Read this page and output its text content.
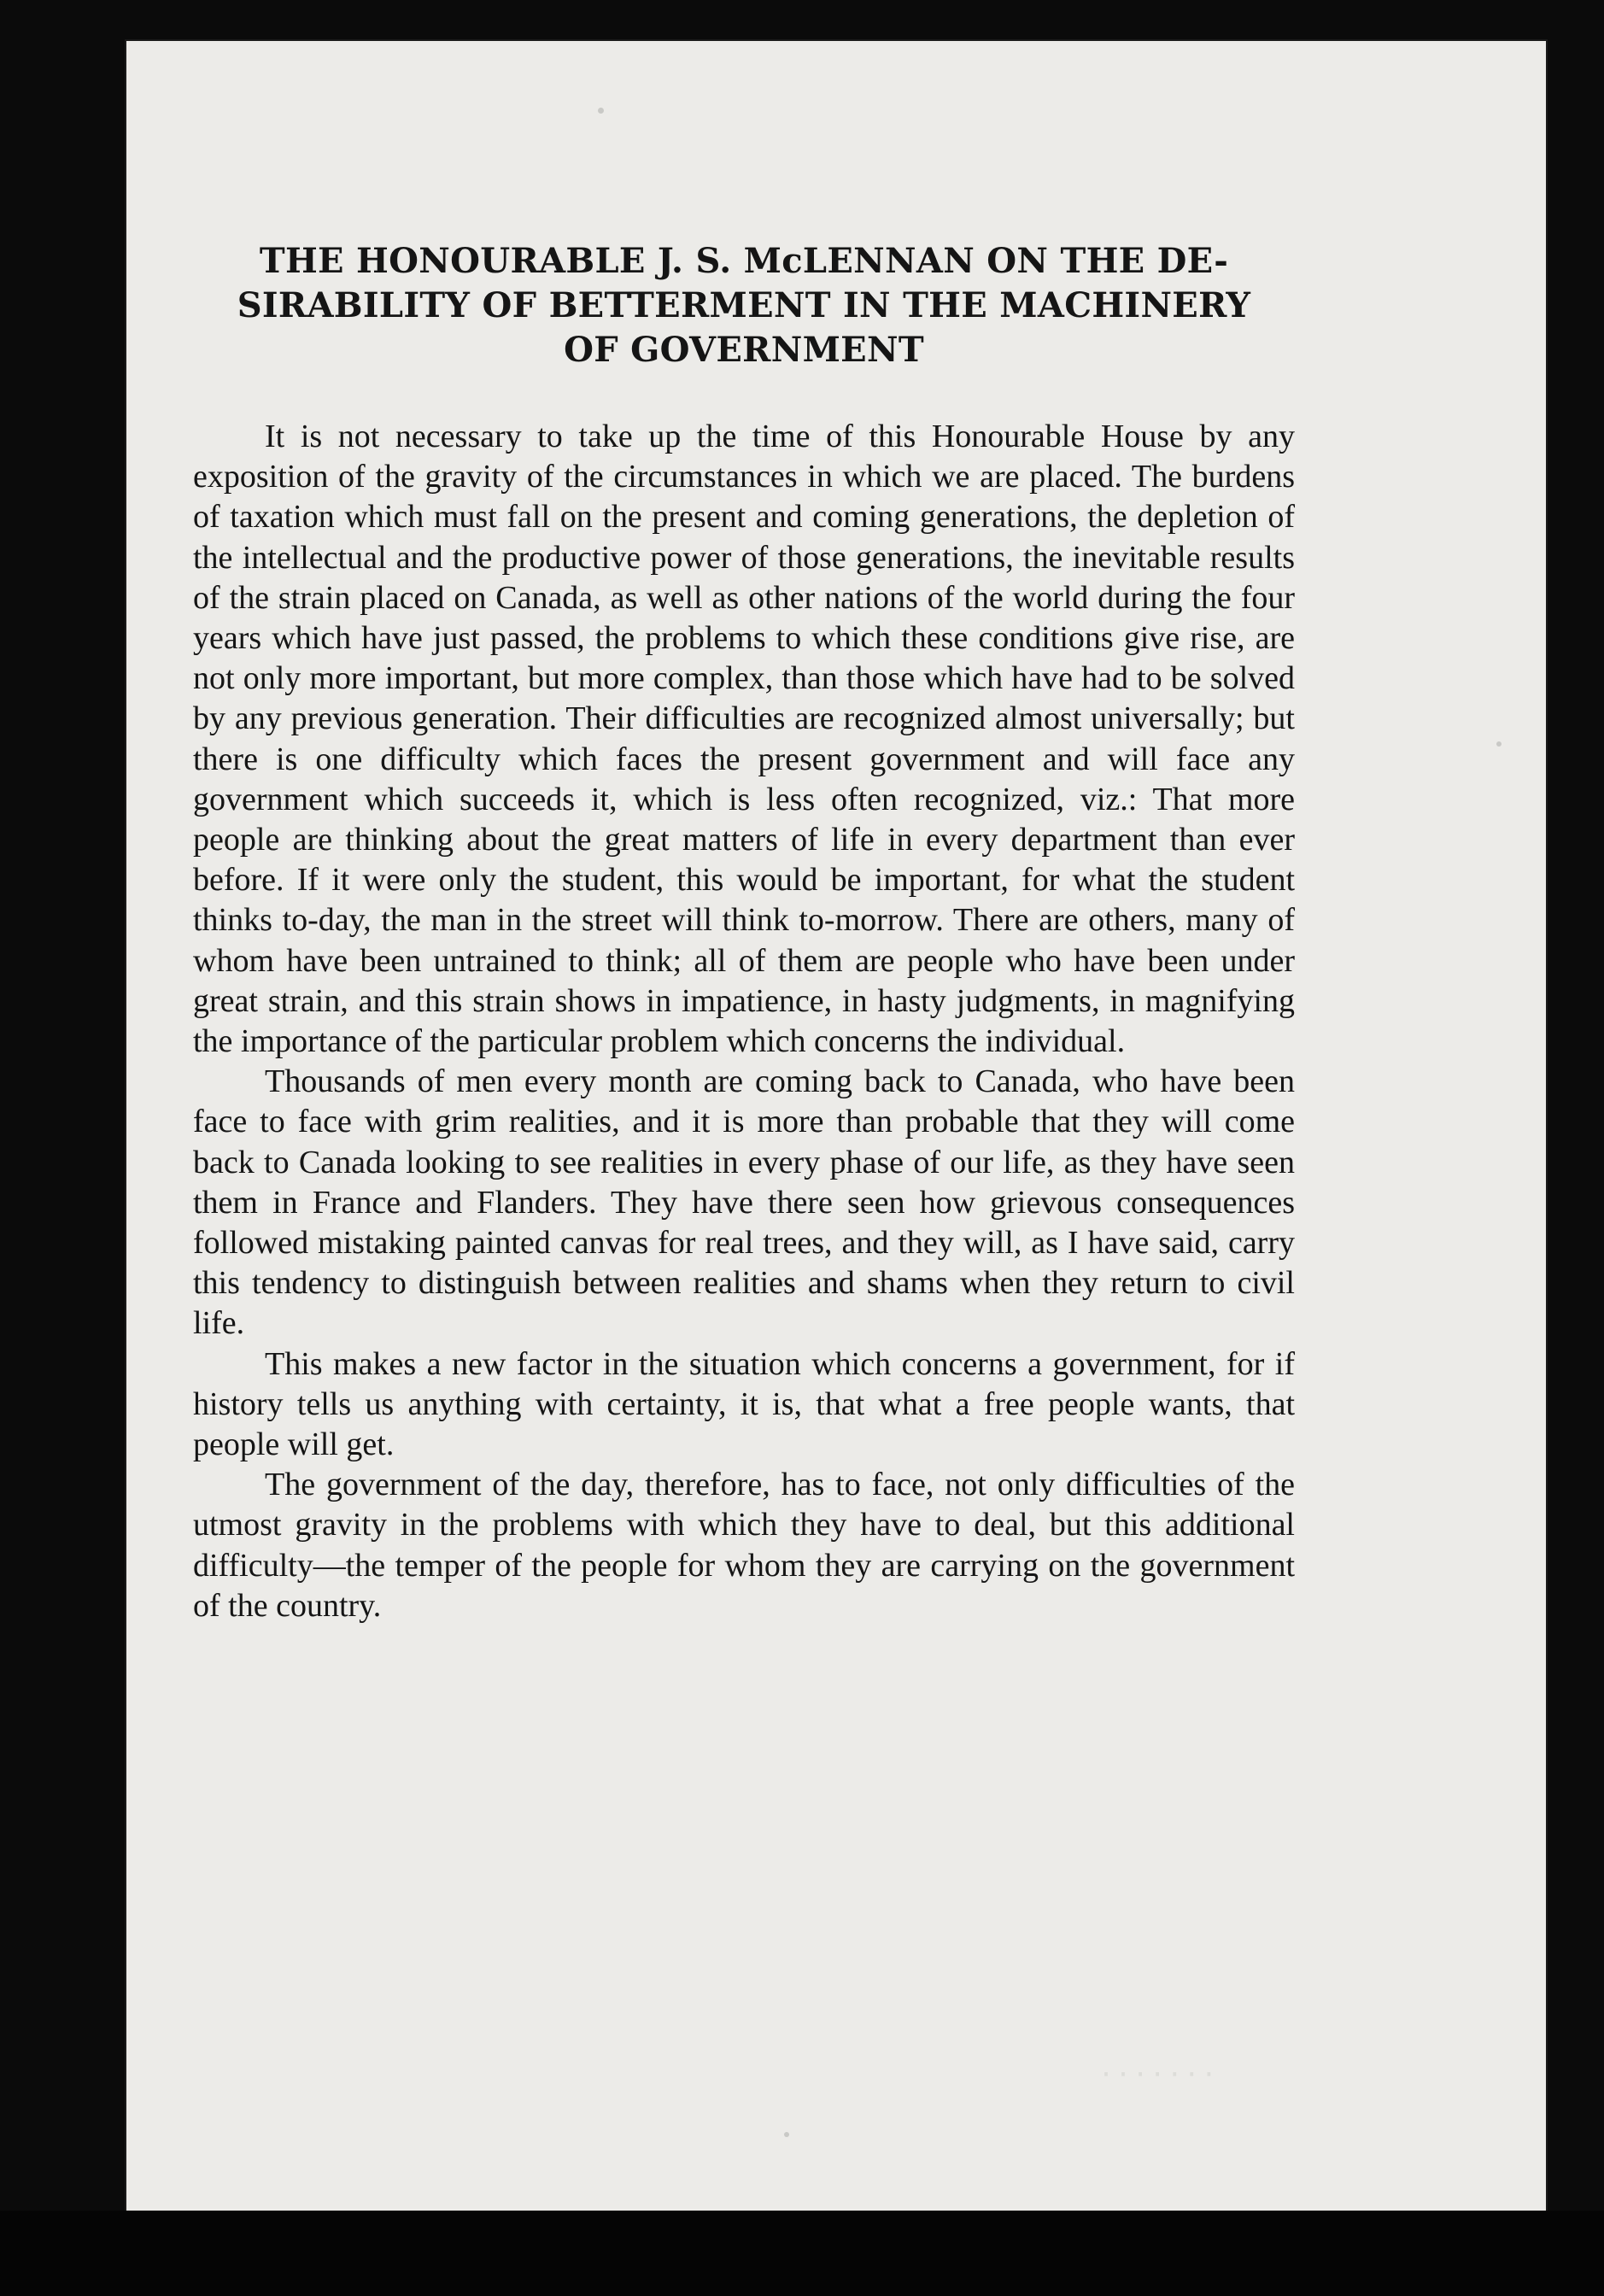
·······
THE HONOURABLE J. S. McLENNAN ON THE DE-
SIRABILITY OF BETTERMENT IN THE MACHINERY
OF GOVERNMENT

It is not necessary to take up the time of this Honourable House by any exposition of the gravity of the circumstances in which we are placed. The burdens of taxation which must fall on the present and coming generations, the depletion of the intellectual and the productive power of those generations, the inevitable results of the strain placed on Canada, as well as other nations of the world during the four years which have just passed, the problems to which these conditions give rise, are not only more important, but more complex, than those which have had to be solved by any previous generation. Their difficulties are recognized almost universally; but there is one difficulty which faces the present government and will face any government which succeeds it, which is less often recognized, viz.: That more people are thinking about the great matters of life in every department than ever before. If it were only the student, this would be important, for what the student thinks to-day, the man in the street will think to-morrow. There are others, many of whom have been untrained to think; all of them are people who have been under great strain, and this strain shows in impatience, in hasty judgments, in magnifying the importance of the particular problem which concerns the individual.

Thousands of men every month are coming back to Canada, who have been face to face with grim realities, and it is more than probable that they will come back to Canada looking to see realities in every phase of our life, as they have seen them in France and Flanders. They have there seen how grievous consequences followed mistaking painted canvas for real trees, and they will, as I have said, carry this tendency to distinguish between realities and shams when they return to civil life.

This makes a new factor in the situation which concerns a government, for if history tells us anything with certainty, it is, that what a free people wants, that people will get.

The government of the day, therefore, has to face, not only difficulties of the utmost gravity in the problems with which they have to deal, but this additional difficulty—the temper of the people for whom they are carrying on the government of the country.
